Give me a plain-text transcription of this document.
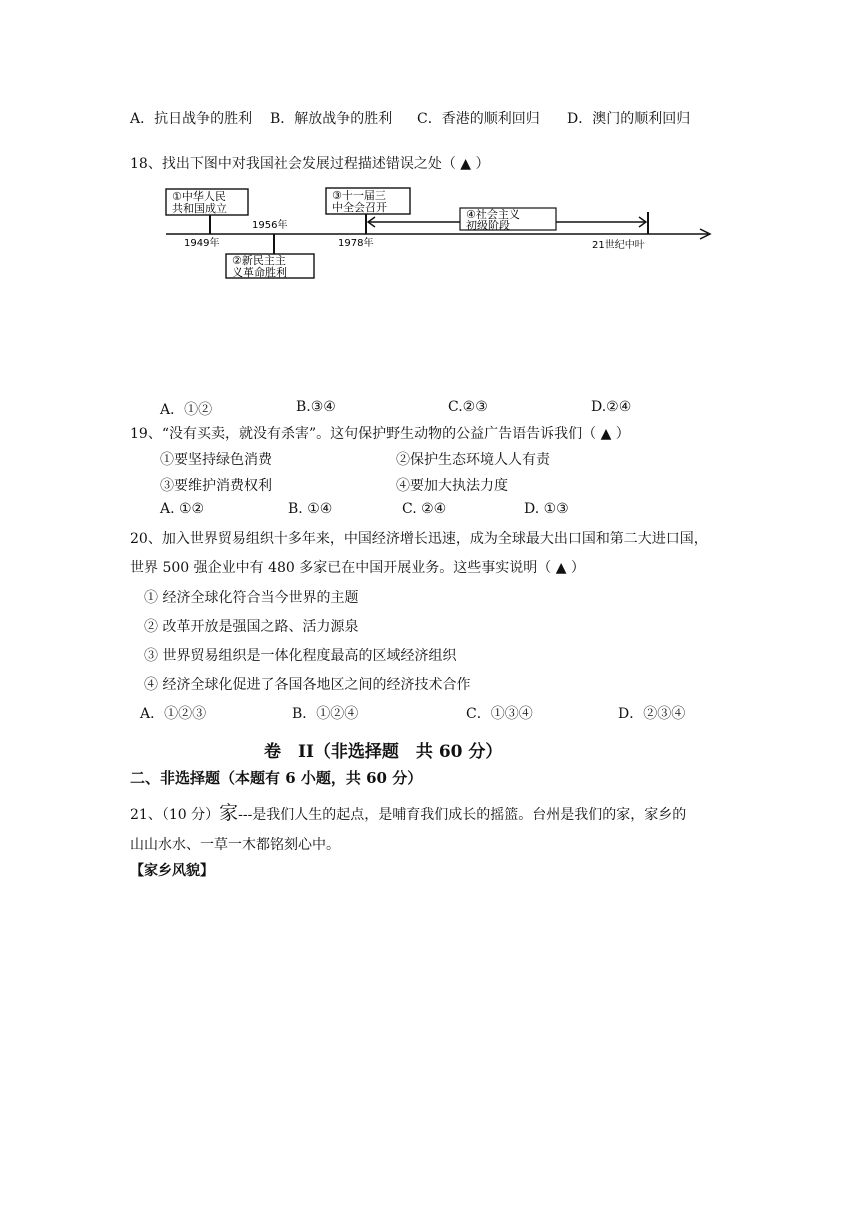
A．抗日战争的胜利 B．解放战争的胜利 C．香港的顺利回归 D．澳门的顺利回归
18、找出下图中对我国社会发展过程描述错误之处（ ▲ ）
①中华人民
共和国成立
1949年
1956年
②新民主主
义革命胜利
③十一届三
中全会召开
1978年
④社会主义
初级阶段
21世纪中叶
A．①②	B.③④	C.②③	D.②④
19、“没有买卖，就没有杀害”。这句保护野生动物的公益广告语告诉我们（ ▲ ）
①要坚持绿色消费	②保护生态环境人人有责
③要维护消费权利	④要加大执法力度
A. ①②	B. ①④	C. ②④	D. ①③
20、加入世界贸易组织十多年来，中国经济增长迅速，成为全球最大出口国和第二大进口国，
世界 500 强企业中有 480 多家已在中国开展业务。这些事实说明（ ▲ ）
① 经济全球化符合当今世界的主题
② 改革开放是强国之路、活力源泉
③ 世界贸易组织是一体化程度最高的区域经济组织
④ 经济全球化促进了各国各地区之间的经济技术合作
A．①②③	B．①②④	C．①③④	D．②③④
卷　II（非选择题　共 60 分）
二、非选择题（本题有 6 小题，共 60 分）
21、（10 分）家---是我们人生的起点，是哺育我们成长的摇篮。台州是我们的家，家乡的
山山水水、一草一木都铭刻心中。
【家乡风貌】
